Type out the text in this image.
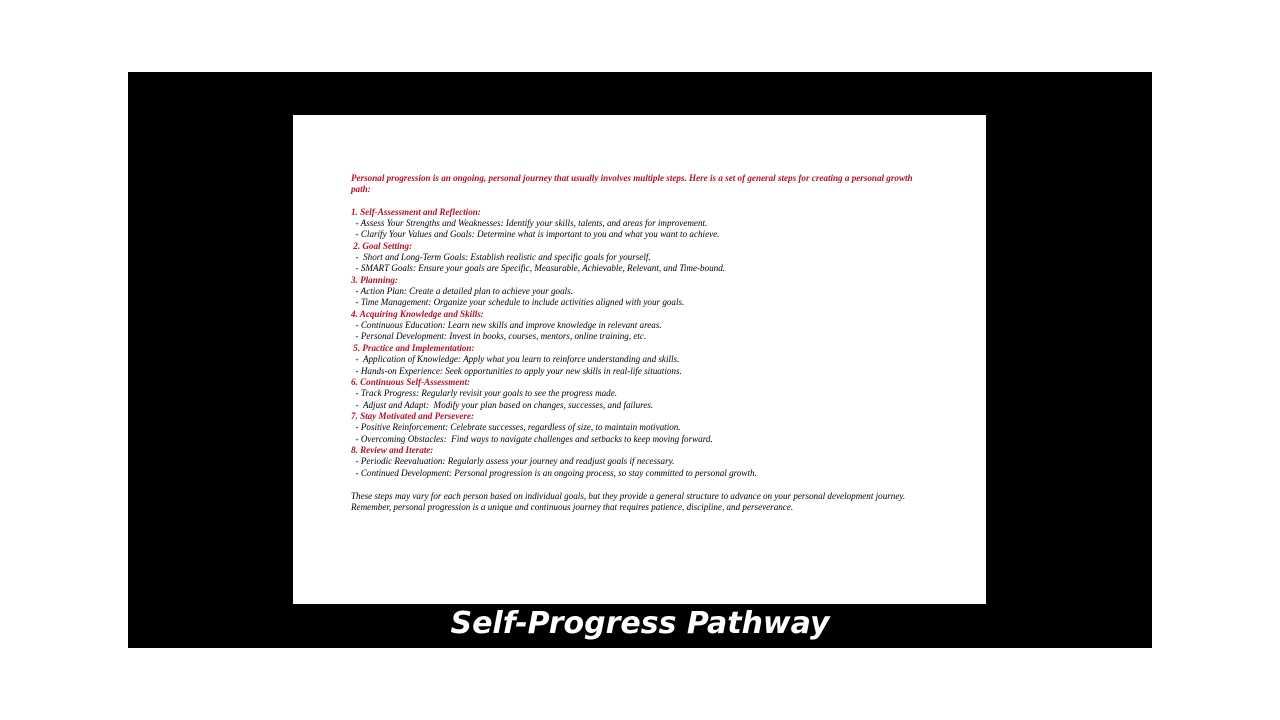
Personal progression is an ongoing, personal journey that usually involves multiple steps. Here is a set of general steps for creating a personal growth path:
1. Self-Assessment and Reflection:
- Assess Your Strengths and Weaknesses: Identify your skills, talents, and areas for improvement.
- Clarify Your Values and Goals: Determine what is important to you and what you want to achieve.
2. Goal Setting:
-  Short and Long-Term Goals: Establish realistic and specific goals for yourself.
- SMART Goals: Ensure your goals are Specific, Measurable, Achievable, Relevant, and Time-bound.
3. Planning:
- Action Plan: Create a detailed plan to achieve your goals.
- Time Management: Organize your schedule to include activities aligned with your goals.
4. Acquiring Knowledge and Skills:
- Continuous Education: Learn new skills and improve knowledge in relevant areas.
- Personal Development: Invest in books, courses, mentors, online training, etc.
5. Practice and Implementation:
-  Application of Knowledge: Apply what you learn to reinforce understanding and skills.
- Hands-on Experience: Seek opportunities to apply your new skills in real-life situations.
6. Continuous Self-Assessment:
- Track Progress: Regularly revisit your goals to see the progress made.
-  Adjust and Adapt:  Modify your plan based on changes, successes, and failures.
7. Stay Motivated and Persevere:
- Positive Reinforcement: Celebrate successes, regardless of size, to maintain motivation.
- Overcoming Obstacles:  Find ways to navigate challenges and setbacks to keep moving forward.
8. Review and Iterate:
- Periodic Reevaluation: Regularly assess your journey and readjust goals if necessary.
- Continued Development: Personal progression is an ongoing process, so stay committed to personal growth.
These steps may vary for each person based on individual goals, but they provide a general structure to advance on your personal development journey. Remember, personal progression is a unique and continuous journey that requires patience, discipline, and perseverance.
Self-Progress Pathway
